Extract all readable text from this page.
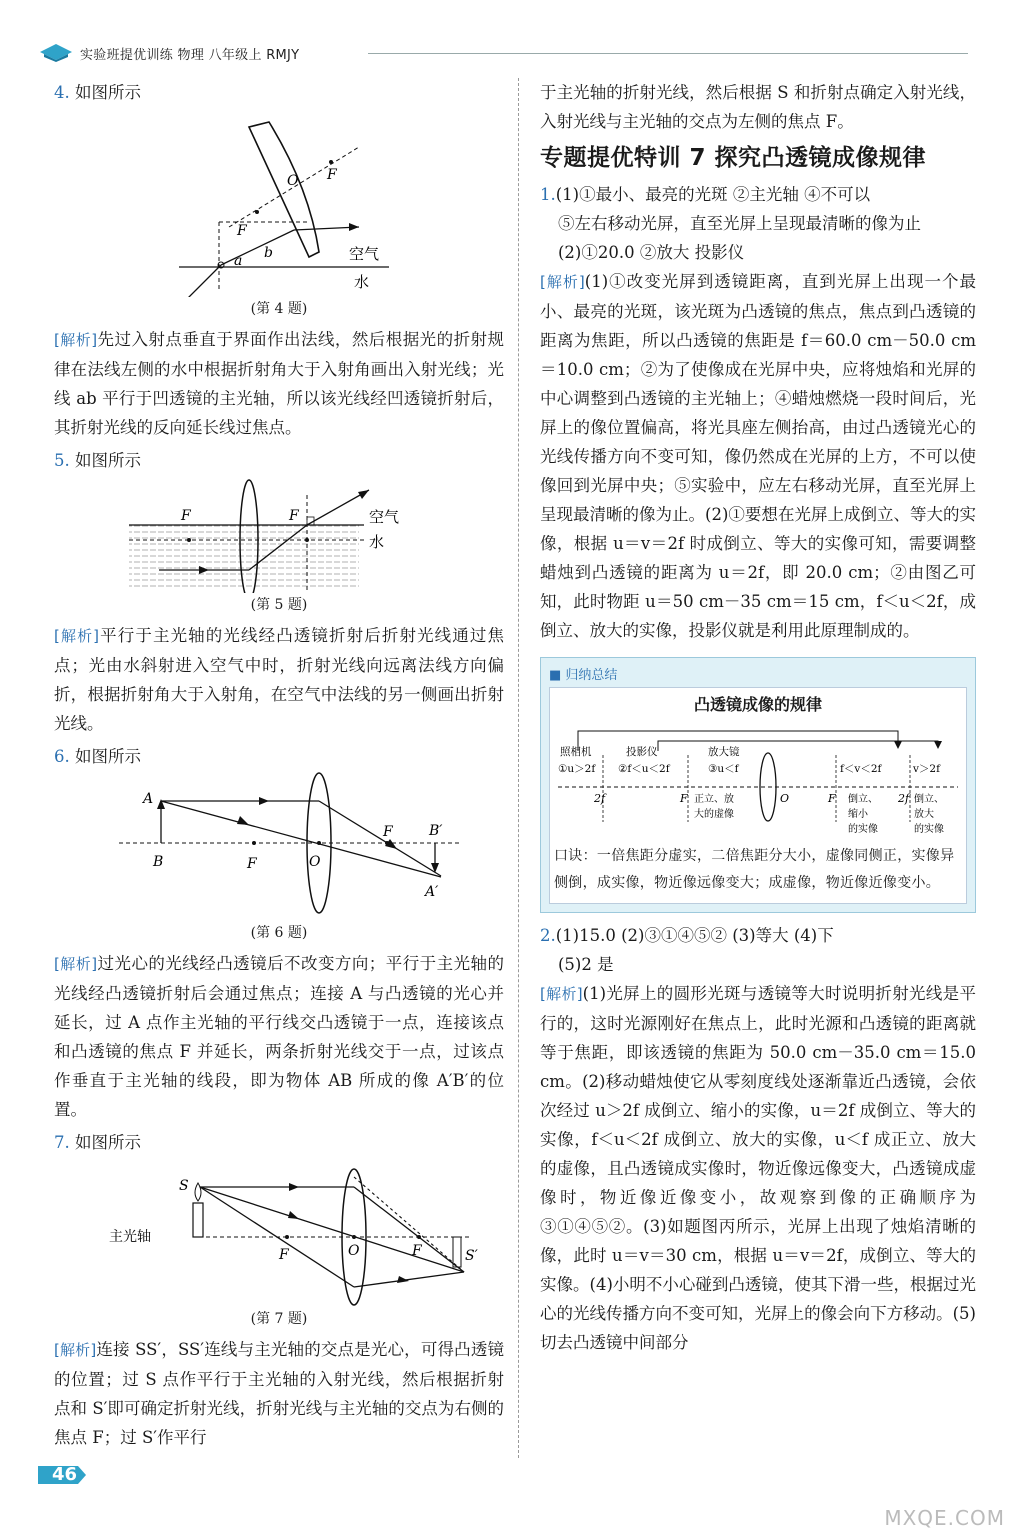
实验班提优训练 物理 八年级上 RMJY
4. 如图所示
O F
F
a b	空气
水
(第 4 题)

[解析]先过入射点垂直于界面作出法线，然后根据光的折射规律在法线左侧的水中根据折射角大于入射角画出入射光线；光线 ab 平行于凹透镜的主光轴，所以该光线经凹透镜折射后，其折射光线的反向延长线过焦点。

5. 如图所示
F	F	空气
水
(第 5 题)

[解析]平行于主光轴的光线经凸透镜折射后折射光线通过焦点；光由水斜射进入空气中时，折射光线向远离法线方向偏折，根据折射角大于入射角，在空气中法线的另一侧画出折射光线。

6. 如图所示
A
B	F	O
F	B′
A′
(第 6 题)

[解析]过光心的光线经凸透镜后不改变方向；平行于主光轴的光线经凸透镜折射后会通过焦点；连接 A 与凸透镜的光心并延长，过 A 点作主光轴的平行线交凸透镜于一点，连接该点和凸透镜的焦点 F 并延长，两条折射光线交于一点，过该点作垂直于主光轴的线段，即为物体 AB 所成的像 A′B′的位置。

7. 如图所示
S
主光轴
F	O	F	S′
(第 7 题)

[解析]连接 SS′，SS′连线与主光轴的交点是光心，可得凸透镜的位置；过 S 点作平行于主光轴的入射光线，然后根据折射点和 S′即可确定折射光线，折射光线与主光轴的交点为右侧的焦点 F；过 S′作平行

于主光轴的折射光线，然后根据 S 和折射点确定入射光线，入射光线与主光轴的交点为左侧的焦点 F。

专题提优特训 7 探究凸透镜成像规律
1.(1)①最小、最亮的光斑 ②主光轴 ④不可以
⑤左右移动光屏，直至光屏上呈现最清晰的像为止
(2)①20.0 ②放大 投影仪

[解析](1)①改变光屏到透镜距离，直到光屏上出现一个最小、最亮的光斑，该光斑为凸透镜的焦点，焦点到凸透镜的距离为焦距，所以凸透镜的焦距是 f＝60.0 cm－50.0 cm＝10.0 cm；②为了使像成在光屏中央，应将烛焰和光屏的中心调整到凸透镜的主光轴上；④蜡烛燃烧一段时间后，光屏上的像位置偏高，将光具座左侧抬高，由过凸透镜光心的光线传播方向不变可知，像仍然成在光屏的上方，不可以使像回到光屏中央；⑤实验中，应左右移动光屏，直至光屏上呈现最清晰的像为止。(2)①要想在光屏上成倒立、等大的实像，根据 u＝v＝2f 时成倒立、等大的实像可知，需要调整蜡烛到凸透镜的距离为 u＝2f，即 20.0 cm；②由图乙可知，此时物距 u＝50 cm－35 cm＝15 cm，f＜u＜2f，成倒立、放大的实像，投影仪就是利用此原理制成的。

■ 归纳总结
凸透镜成像的规律
照相机
①u＞2f
投影仪
②f＜u＜2f
放大镜
③u＜f
2f	F	O	F	2f
f＜v＜2f	v＞2f
正立、放
大的虚像
倒立、
缩小
的实像
倒立、
放大
的实像
口诀：一倍焦距分虚实，二倍焦距分大小，虚像同侧正，实像异侧倒，成实像，物近像远像变大；成虚像，物近像近像变小。
2.(1)15.0 (2)③①④⑤② (3)等大 (4)下
(5)2 是

[解析](1)光屏上的圆形光斑与透镜等大时说明折射光线是平行的，这时光源刚好在焦点上，此时光源和凸透镜的距离就等于焦距，即该透镜的焦距为 50.0 cm－35.0 cm＝15.0 cm。(2)移动蜡烛使它从零刻度线处逐渐靠近凸透镜，会依次经过 u＞2f 成倒立、缩小的实像，u＝2f 成倒立、等大的实像，f＜u＜2f 成倒立、放大的实像，u＜f 成正立、放大的虚像，且凸透镜成实像时，物近像远像变大，凸透镜成虚像时，物近像近像变小，故观察到像的正确顺序为③①④⑤②。(3)如题图丙所示，光屏上出现了烛焰清晰的像，此时 u＝v＝30 cm，根据 u＝v＝2f，成倒立、等大的实像。(4)小明不小心碰到凸透镜，使其下滑一些，根据过光心的光线传播方向不变可知，光屏上的像会向下方移动。(5)切去凸透镜中间部分

46
MXQE.COM
